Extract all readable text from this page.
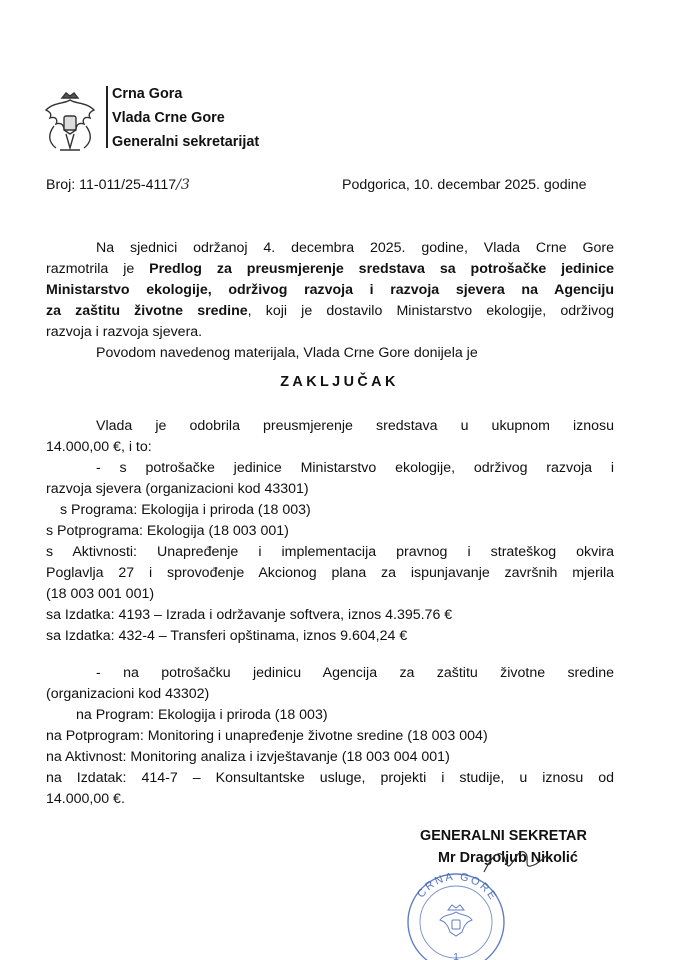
Crna Gora
Vlada Crne Gore
Generalni sekretarijat
Broj: 11-011/25-4117/3	Podgorica, 10. decembar 2025. godine
Na sjednici održanoj 4. decembra 2025. godine, Vlada Crne Gore
razmotrila je Predlog za preusmjerenje sredstava sa potrošačke jedinice
Ministarstvo ekologije, održivog razvoja i razvoja sjevera na Agenciju
za zaštitu životne sredine, koji je dostavilo Ministarstvo ekologije, održivog
razvoja i razvoja sjevera.
Povodom navedenog materijala, Vlada Crne Gore donijela je
ZAKLJUČAK
Vlada je odobrila preusmjerenje sredstava u ukupnom iznosu
14.000,00 €, i to:
- s potrošačke jedinice Ministarstvo ekologije, održivog razvoja i
razvoja sjevera (organizacioni kod 43301)
s Programa: Ekologija i priroda (18 003)
s Potprograma: Ekologija (18 003 001)
s Aktivnosti: Unapređenje i implementacija pravnog i strateškog okvira
Poglavlja 27 i sprovođenje Akcionog plana za ispunjavanje završnih mjerila
(18 003 001 001)
sa Izdatka: 4193 – Izrada i održavanje softvera, iznos 4.395.76 €
sa Izdatka: 432-4 – Transferi opštinama, iznos 9.604,24 €
- na potrošačku jedinicu Agencija za zaštitu životne sredine
(organizacioni kod 43302)
na Program: Ekologija i priroda (18 003)
na Potprogram: Monitoring i unapređenje životne sredine (18 003 004)
na Aktivnost: Monitoring analiza i izvještavanje (18 003 004 001)
na Izdatak: 414-7 – Konsultantske usluge, projekti i studije, u iznosu od
14.000,00 €.
GENERALNI SEKRETAR
Mr Dragoljub Nikolić
CRNA GORE
1
